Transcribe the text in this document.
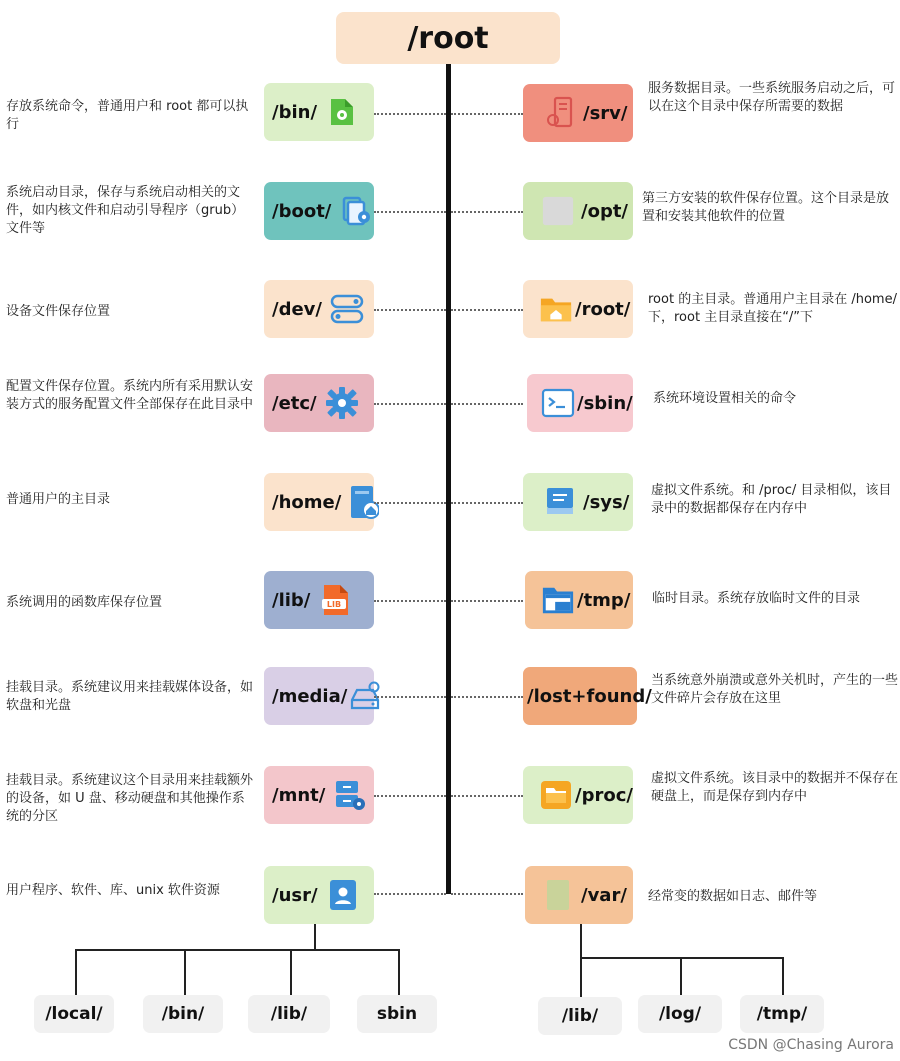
/root
存放系统命令，普通用户和 root 都可以执行
/bin/
系统启动目录，保存与系统启动相关的文件，如内核文件和启动引导程序（grub）文件等
/boot/
设备文件保存位置	/dev/
配置文件保存位置。系统内所有采用默认安装方式的服务配置文件全部保存在此目录中 /etc/
普通用户的主目录	/home/
系统调用的函数库保存位置	/lib/ LIB
挂载目录。系统建议用来挂载媒体设备，如软盘和光盘	/media/
挂载目录。系统建议这个目录用来挂载额外的设备，如 U 盘、移动硬盘和其他操作系统的分区
/mnt/
用户程序、软件、库、unix 软件资源	/usr/
/srv/
服务数据目录。一些系统服务启动之后，可以在这个目录中保存所需要的数据
/opt/
第三方安装的软件保存位置。这个目录是放置和安装其他软件的位置
/root/ root 的主目录。普通用户主目录在 /home/ 下，root 主目录直接在“/”下
/sbin/ 系统环境设置相关的命令
/sys/
虚拟文件系统。和 /proc/ 目录相似，该目录中的数据都保存在内存中
/tmp/ 临时目录。系统存放临时文件的目录
/lost+found/
当系统意外崩溃或意外关机时，产生的一些文件碎片会存放在这里
/proc/
虚拟文件系统。该目录中的数据并不保存在硬盘上，而是保存到内存中
/var/ 经常变的数据如日志、邮件等
/local/	/bin/	/lib/	sbin	/lib/	/log/	/tmp/
CSDN @Chasing Aurora
